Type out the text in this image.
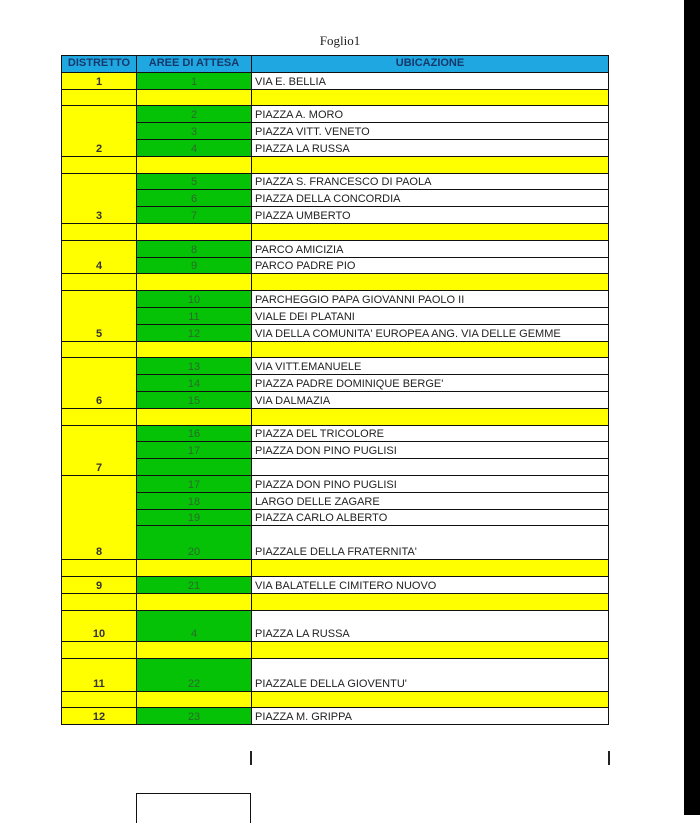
Foglio1
DISTRETTO	AREE DI ATTESA	UBICAZIONE
1	1	VIA E. BELLIA

2	2	PIAZZA A. MORO
	3	PIAZZA VITT. VENETO
	4	PIAZZA LA RUSSA

3	5	PIAZZA S. FRANCESCO DI PAOLA
	6	PIAZZA DELLA CONCORDIA
	7	PIAZZA UMBERTO

4	8	PARCO AMICIZIA
	9	PARCO PADRE PIO

5	10	PARCHEGGIO PAPA GIOVANNI PAOLO II
	11	VIALE DEI PLATANI
	12	VIA DELLA COMUNITA' EUROPEA ANG. VIA DELLE GEMME

6	13	VIA VITT.EMANUELE
	14	PIAZZA PADRE DOMINIQUE BERGE'
	15	VIA DALMAZIA

7	16	PIAZZA DEL TRICOLORE
	17	PIAZZA DON PINO PUGLISI

8	17	PIAZZA DON PINO PUGLISI
	18	LARGO DELLE ZAGARE
	19	PIAZZA CARLO ALBERTO
	20	PIAZZALE DELLA FRATERNITA'

9	21	VIA BALATELLE CIMITERO NUOVO

10	4	PIAZZA LA RUSSA

11	22	PIAZZALE DELLA GIOVENTU'

12	23	PIAZZA M. GRIPPA
